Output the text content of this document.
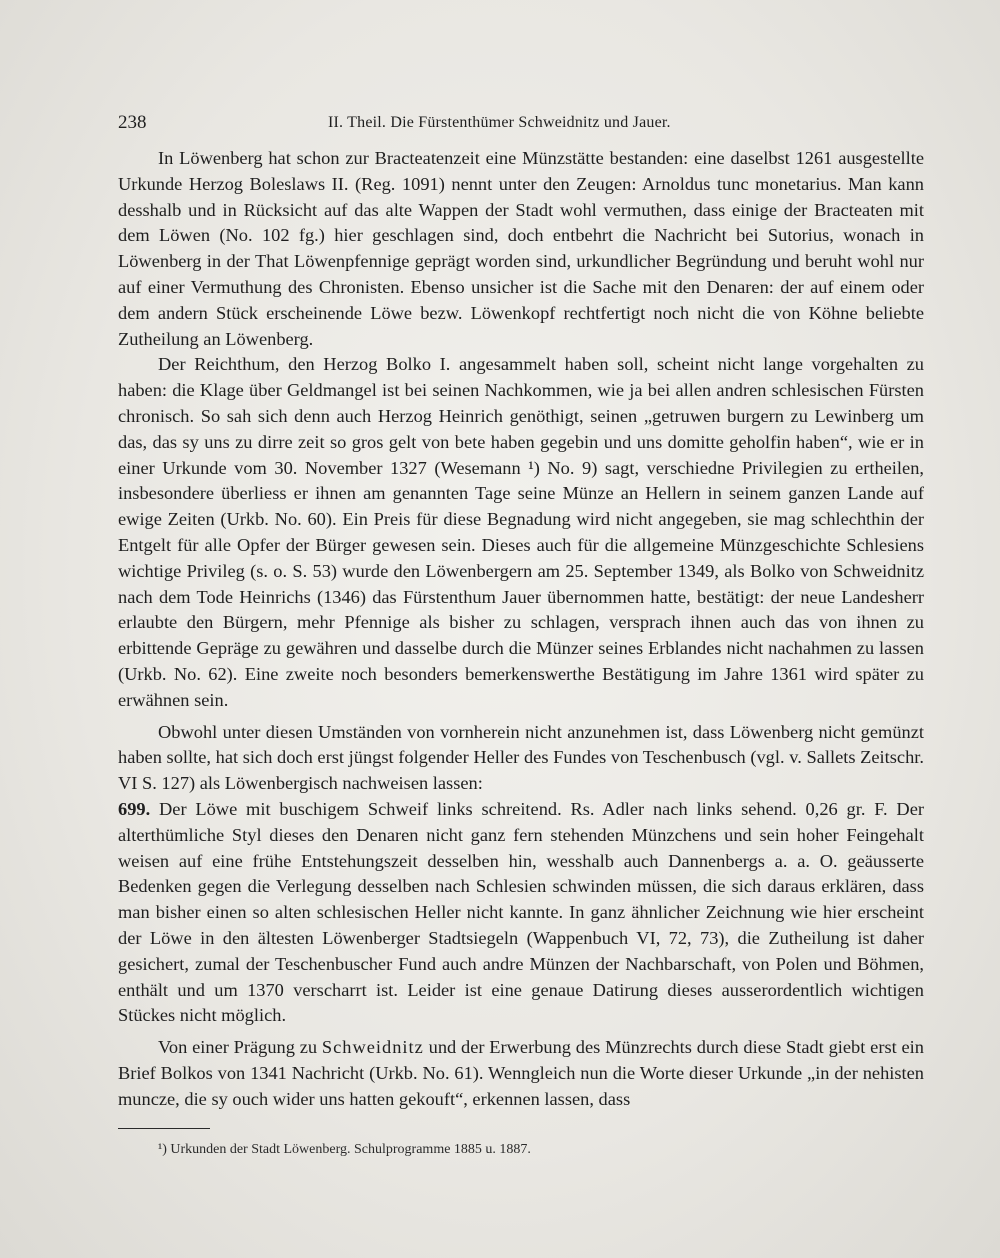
238	II. Theil. Die Fürstenthümer Schweidnitz und Jauer.

In Löwenberg hat schon zur Bracteatenzeit eine Münzstätte bestanden: eine daselbst 1261 ausgestellte Urkunde Herzog Boleslaws II. (Reg. 1091) nennt unter den Zeugen: Arnoldus tunc monetarius. Man kann desshalb und in Rücksicht auf das alte Wappen der Stadt wohl vermuthen, dass einige der Bracteaten mit dem Löwen (No. 102 fg.) hier geschlagen sind, doch entbehrt die Nachricht bei Sutorius, wonach in Löwenberg in der That Löwenpfennige geprägt worden sind, urkundlicher Begründung und beruht wohl nur auf einer Vermuthung des Chronisten. Ebenso unsicher ist die Sache mit den Denaren: der auf einem oder dem andern Stück erscheinende Löwe bezw. Löwenkopf rechtfertigt noch nicht die von Köhne beliebte Zutheilung an Löwenberg.

Der Reichthum, den Herzog Bolko I. angesammelt haben soll, scheint nicht lange vorgehalten zu haben: die Klage über Geldmangel ist bei seinen Nachkommen, wie ja bei allen andren schlesischen Fürsten chronisch. So sah sich denn auch Herzog Heinrich genöthigt, seinen „getruwen burgern zu Lewinberg um das, das sy uns zu dirre zeit so gros gelt von bete haben gegebin und uns domitte geholfin haben“, wie er in einer Urkunde vom 30. November 1327 (Wesemann ¹) No. 9) sagt, verschiedne Privilegien zu ertheilen, insbesondere überliess er ihnen am genannten Tage seine Münze an Hellern in seinem ganzen Lande auf ewige Zeiten (Urkb. No. 60). Ein Preis für diese Begnadung wird nicht angegeben, sie mag schlechthin der Entgelt für alle Opfer der Bürger gewesen sein. Dieses auch für die allgemeine Münzgeschichte Schlesiens wichtige Privileg (s. o. S. 53) wurde den Löwenbergern am 25. September 1349, als Bolko von Schweidnitz nach dem Tode Heinrichs (1346) das Fürstenthum Jauer übernommen hatte, bestätigt: der neue Landesherr erlaubte den Bürgern, mehr Pfennige als bisher zu schlagen, versprach ihnen auch das von ihnen zu erbittende Gepräge zu gewähren und dasselbe durch die Münzer seines Erblandes nicht nachahmen zu lassen (Urkb. No. 62). Eine zweite noch besonders bemerkenswerthe Bestätigung im Jahre 1361 wird später zu erwähnen sein.

Obwohl unter diesen Umständen von vornherein nicht anzunehmen ist, dass Löwenberg nicht gemünzt haben sollte, hat sich doch erst jüngst folgender Heller des Fundes von Teschenbusch (vgl. v. Sallets Zeitschr. VI S. 127) als Löwenbergisch nachweisen lassen:

699. Der Löwe mit buschigem Schweif links schreitend. Rs. Adler nach links sehend. 0,26 gr. F. Der alterthümliche Styl dieses den Denaren nicht ganz fern stehenden Münzchens und sein hoher Feingehalt weisen auf eine frühe Entstehungszeit desselben hin, wesshalb auch Dannenbergs a. a. O. geäusserte Bedenken gegen die Verlegung desselben nach Schlesien schwinden müssen, die sich daraus erklären, dass man bisher einen so alten schlesischen Heller nicht kannte. In ganz ähnlicher Zeichnung wie hier erscheint der Löwe in den ältesten Löwenberger Stadtsiegeln (Wappenbuch VI, 72, 73), die Zutheilung ist daher gesichert, zumal der Teschenbuscher Fund auch andre Münzen der Nachbarschaft, von Polen und Böhmen, enthält und um 1370 verscharrt ist. Leider ist eine genaue Datirung dieses ausserordentlich wichtigen Stückes nicht möglich.

Von einer Prägung zu Schweidnitz und der Erwerbung des Münzrechts durch diese Stadt giebt erst ein Brief Bolkos von 1341 Nachricht (Urkb. No. 61). Wenngleich nun die Worte dieser Urkunde „in der nehisten muncze, die sy ouch wider uns hatten gekouft“, erkennen lassen, dass

¹) Urkunden der Stadt Löwenberg. Schulprogramme 1885 u. 1887.
